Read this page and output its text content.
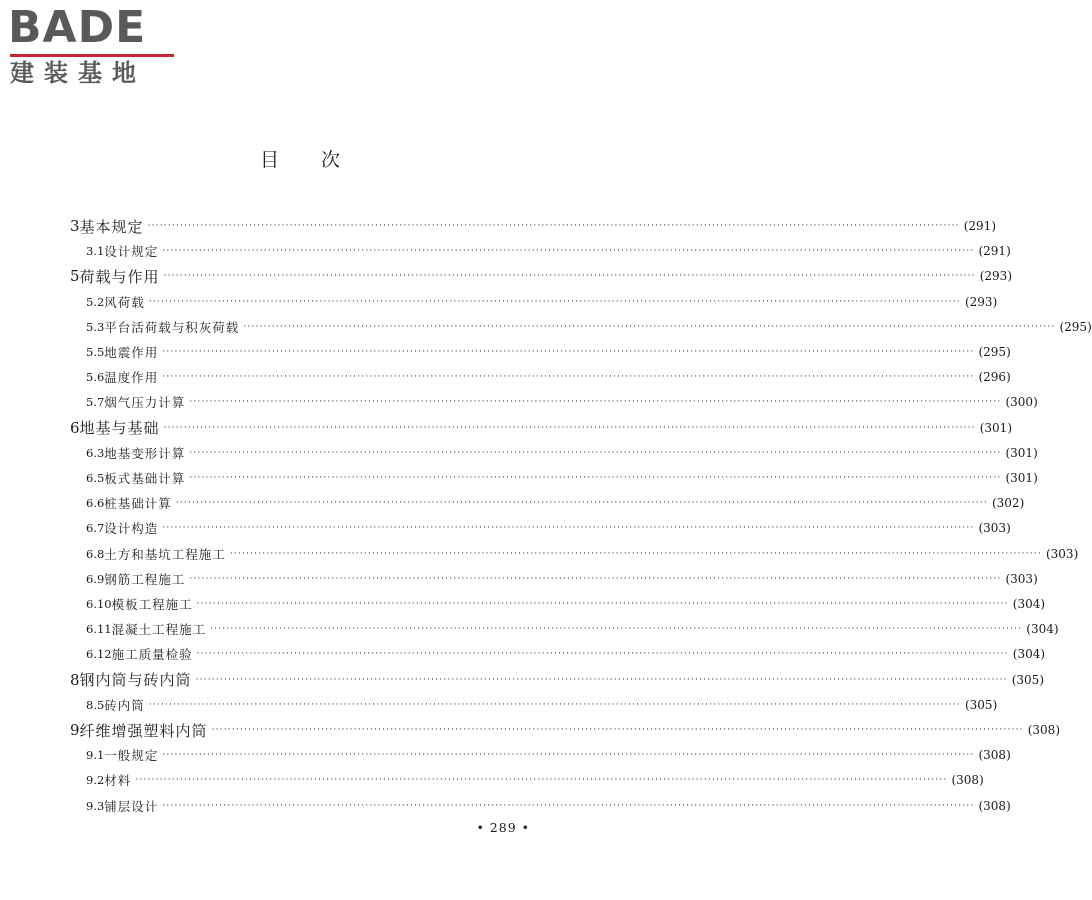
BADE
建装基地
目次
3 基本规定 ········································································································································································································ (291)
3.1 设计规定 ········································································································································································································ (291)
5 荷载与作用 ········································································································································································································ (293)
5.2 风荷载 ········································································································································································································ (293)
5.3 平台活荷载与积灰荷载 ········································································································································································································ (295)
5.5 地震作用 ········································································································································································································ (295)
5.6 温度作用 ········································································································································································································ (296)
5.7 烟气压力计算 ········································································································································································································ (300)
6 地基与基础 ········································································································································································································ (301)
6.3 地基变形计算 ········································································································································································································ (301)
6.5 板式基础计算 ········································································································································································································ (301)
6.6 桩基础计算 ········································································································································································································ (302)
6.7 设计构造 ········································································································································································································ (303)
6.8 土方和基坑工程施工 ········································································································································································································ (303)
6.9 钢筋工程施工 ········································································································································································································ (303)
6.10 模板工程施工 ········································································································································································································ (304)
6.11 混凝土工程施工 ········································································································································································································ (304)
6.12 施工质量检验 ········································································································································································································ (304)
8 钢内筒与砖内筒 ········································································································································································································ (305)
8.5 砖内筒 ········································································································································································································ (305)
9 纤维增强塑料内筒 ········································································································································································································ (308)
9.1 一般规定 ········································································································································································································ (308)
9.2 材料 ········································································································································································································ (308)
9.3 铺层设计 ········································································································································································································ (308)
• 289 •
